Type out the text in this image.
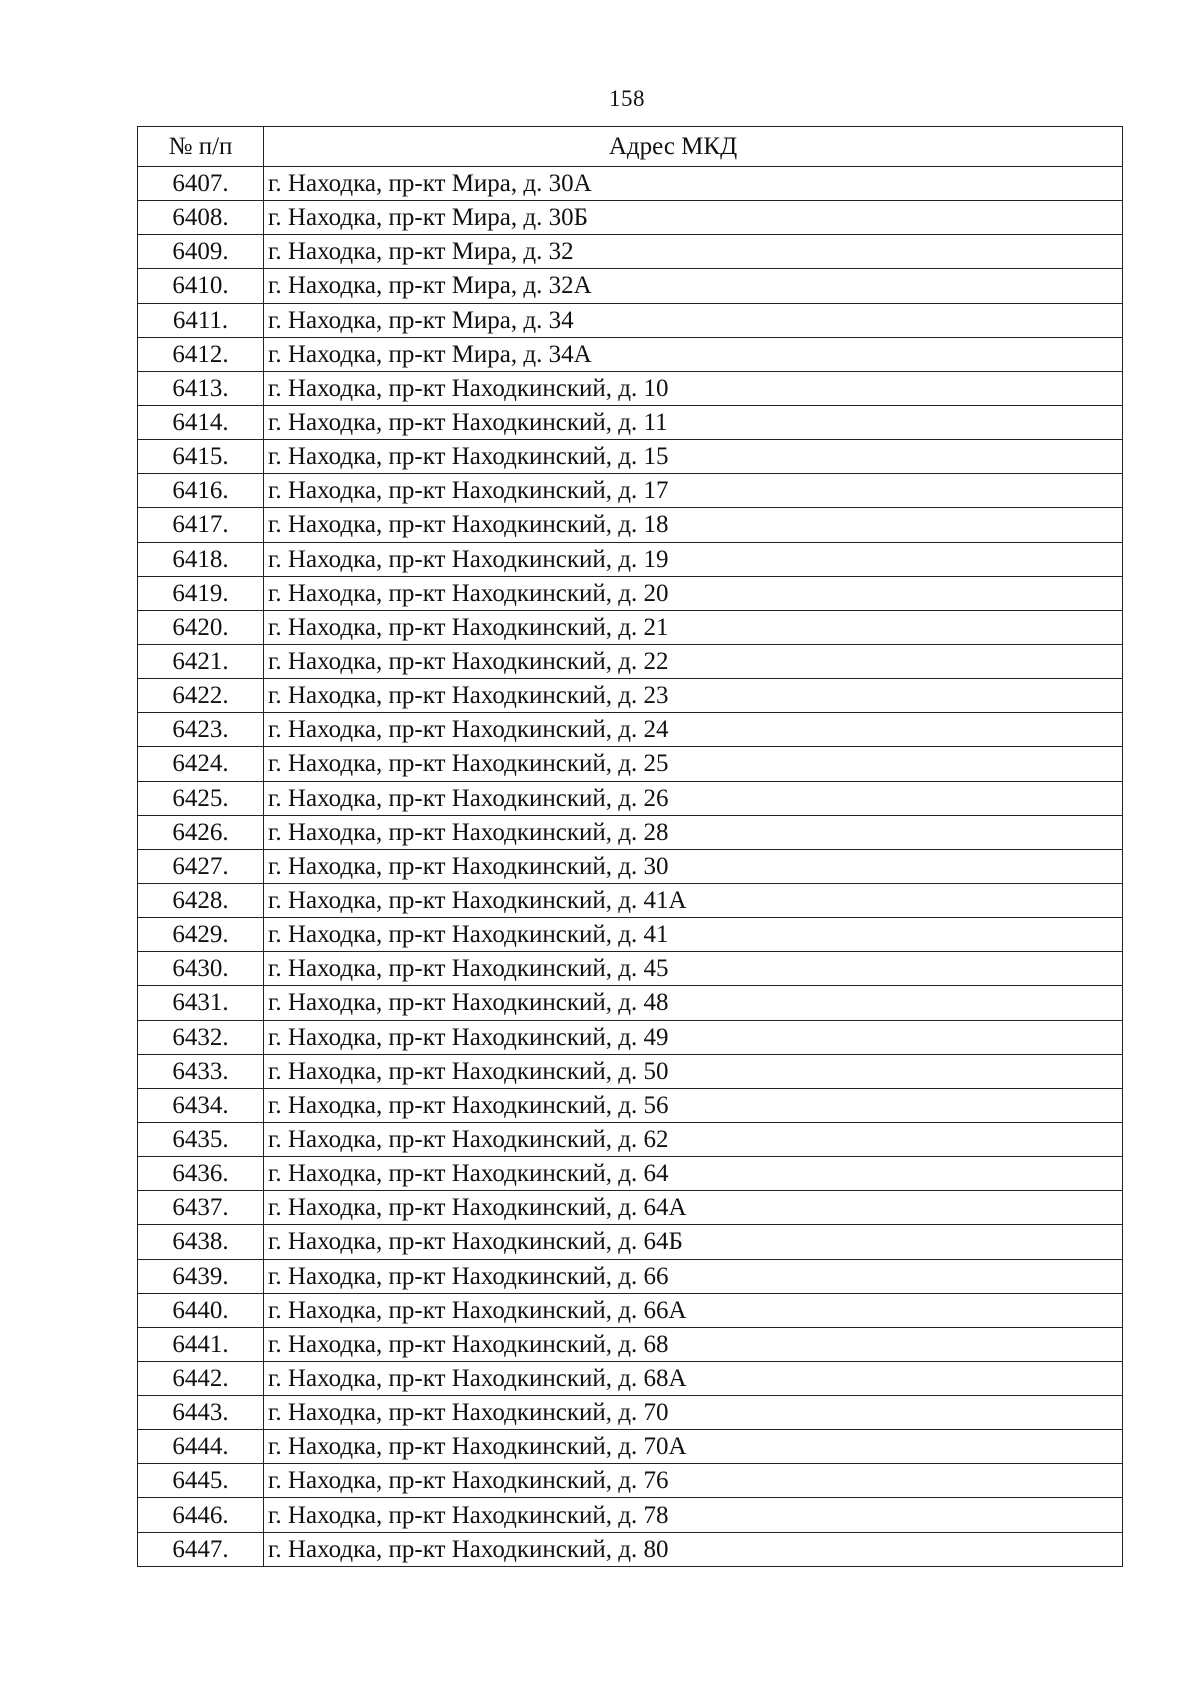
158
№ п/п	Адрес МКД
6407.	г. Находка, пр-кт Мира, д. 30А
6408.	г. Находка, пр-кт Мира, д. 30Б
6409.	г. Находка, пр-кт Мира, д. 32
6410.	г. Находка, пр-кт Мира, д. 32А
6411.	г. Находка, пр-кт Мира, д. 34
6412.	г. Находка, пр-кт Мира, д. 34А
6413.	г. Находка, пр-кт Находкинский, д. 10
6414.	г. Находка, пр-кт Находкинский, д. 11
6415.	г. Находка, пр-кт Находкинский, д. 15
6416.	г. Находка, пр-кт Находкинский, д. 17
6417.	г. Находка, пр-кт Находкинский, д. 18
6418.	г. Находка, пр-кт Находкинский, д. 19
6419.	г. Находка, пр-кт Находкинский, д. 20
6420.	г. Находка, пр-кт Находкинский, д. 21
6421.	г. Находка, пр-кт Находкинский, д. 22
6422.	г. Находка, пр-кт Находкинский, д. 23
6423.	г. Находка, пр-кт Находкинский, д. 24
6424.	г. Находка, пр-кт Находкинский, д. 25
6425.	г. Находка, пр-кт Находкинский, д. 26
6426.	г. Находка, пр-кт Находкинский, д. 28
6427.	г. Находка, пр-кт Находкинский, д. 30
6428.	г. Находка, пр-кт Находкинский, д. 41А
6429.	г. Находка, пр-кт Находкинский, д. 41
6430.	г. Находка, пр-кт Находкинский, д. 45
6431.	г. Находка, пр-кт Находкинский, д. 48
6432.	г. Находка, пр-кт Находкинский, д. 49
6433.	г. Находка, пр-кт Находкинский, д. 50
6434.	г. Находка, пр-кт Находкинский, д. 56
6435.	г. Находка, пр-кт Находкинский, д. 62
6436.	г. Находка, пр-кт Находкинский, д. 64
6437.	г. Находка, пр-кт Находкинский, д. 64А
6438.	г. Находка, пр-кт Находкинский, д. 64Б
6439.	г. Находка, пр-кт Находкинский, д. 66
6440.	г. Находка, пр-кт Находкинский, д. 66А
6441.	г. Находка, пр-кт Находкинский, д. 68
6442.	г. Находка, пр-кт Находкинский, д. 68А
6443.	г. Находка, пр-кт Находкинский, д. 70
6444.	г. Находка, пр-кт Находкинский, д. 70А
6445.	г. Находка, пр-кт Находкинский, д. 76
6446.	г. Находка, пр-кт Находкинский, д. 78
6447.	г. Находка, пр-кт Находкинский, д. 80
